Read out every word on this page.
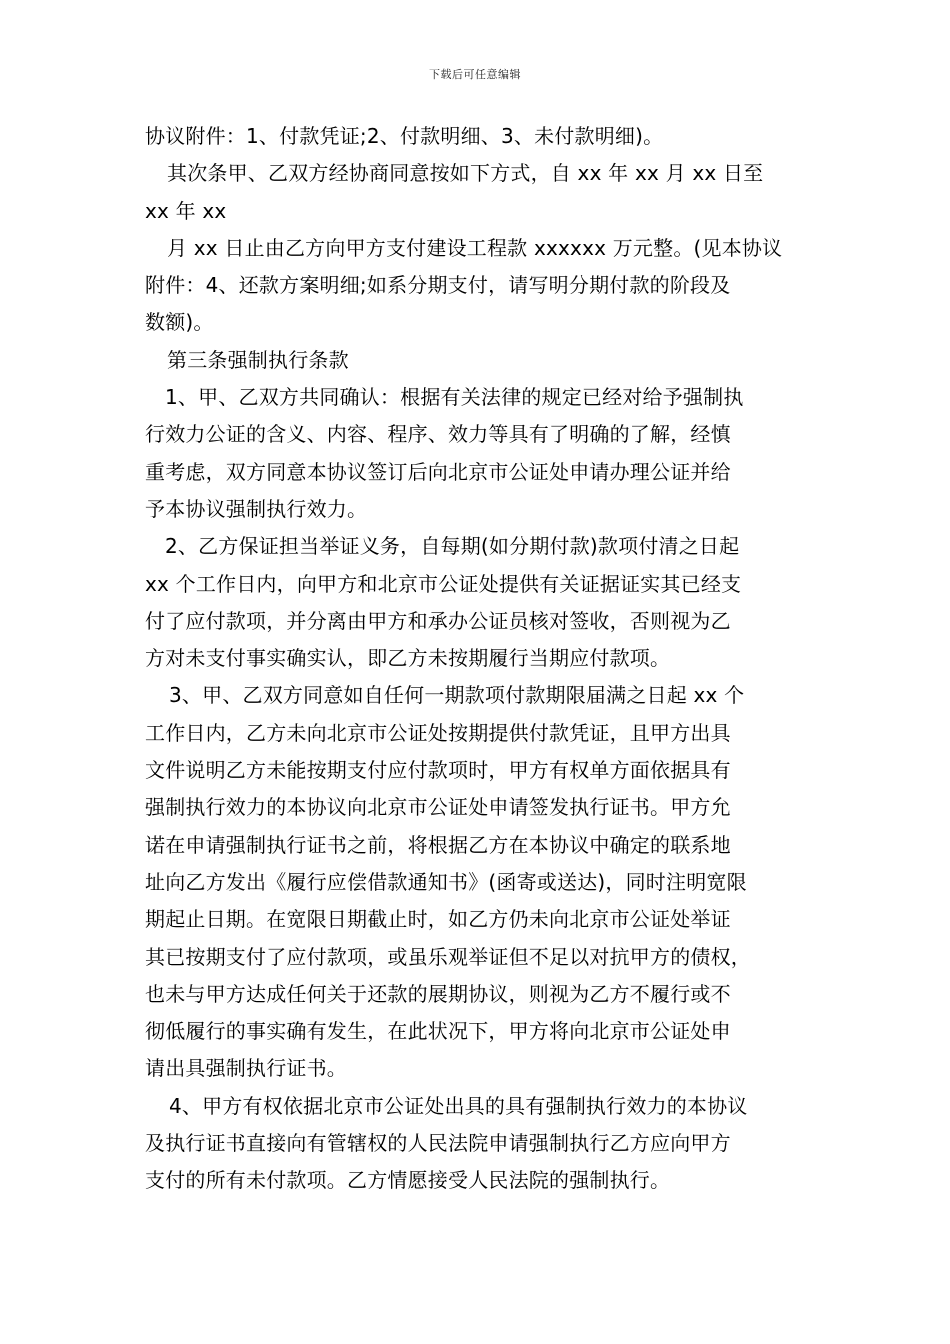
下载后可任意编辑
协议附件：1、付款凭证;2、付款明细、3、未付款明细)。
其次条甲、乙双方经协商同意按如下方式，自 xx 年 xx 月 xx 日至
xx 年 xx
月 xx 日止由乙方向甲方支付建设工程款 xxxxxx 万元整。(见本协议
附件：4、还款方案明细;如系分期支付，请写明分期付款的阶段及
数额)。
第三条强制执行条款
1、甲、乙双方共同确认：根据有关法律的规定已经对给予强制执
行效力公证的含义、内容、程序、效力等具有了明确的了解，经慎
重考虑，双方同意本协议签订后向北京市公证处申请办理公证并给
予本协议强制执行效力。
2、乙方保证担当举证义务，自每期(如分期付款)款项付清之日起
xx 个工作日内，向甲方和北京市公证处提供有关证据证实其已经支
付了应付款项，并分离由甲方和承办公证员核对签收，否则视为乙
方对未支付事实确实认，即乙方未按期履行当期应付款项。
3、甲、乙双方同意如自任何一期款项付款期限届满之日起 xx 个
工作日内，乙方未向北京市公证处按期提供付款凭证，且甲方出具
文件说明乙方未能按期支付应付款项时，甲方有权单方面依据具有
强制执行效力的本协议向北京市公证处申请签发执行证书。甲方允
诺在申请强制执行证书之前，将根据乙方在本协议中确定的联系地
址向乙方发出《履行应偿借款通知书》(函寄或送达)，同时注明宽限
期起止日期。在宽限日期截止时，如乙方仍未向北京市公证处举证
其已按期支付了应付款项，或虽乐观举证但不足以对抗甲方的债权，
也未与甲方达成任何关于还款的展期协议，则视为乙方不履行或不
彻低履行的事实确有发生，在此状况下，甲方将向北京市公证处申
请出具强制执行证书。
4、甲方有权依据北京市公证处出具的具有强制执行效力的本协议
及执行证书直接向有管辖权的人民法院申请强制执行乙方应向甲方
支付的所有未付款项。乙方情愿接受人民法院的强制执行。
